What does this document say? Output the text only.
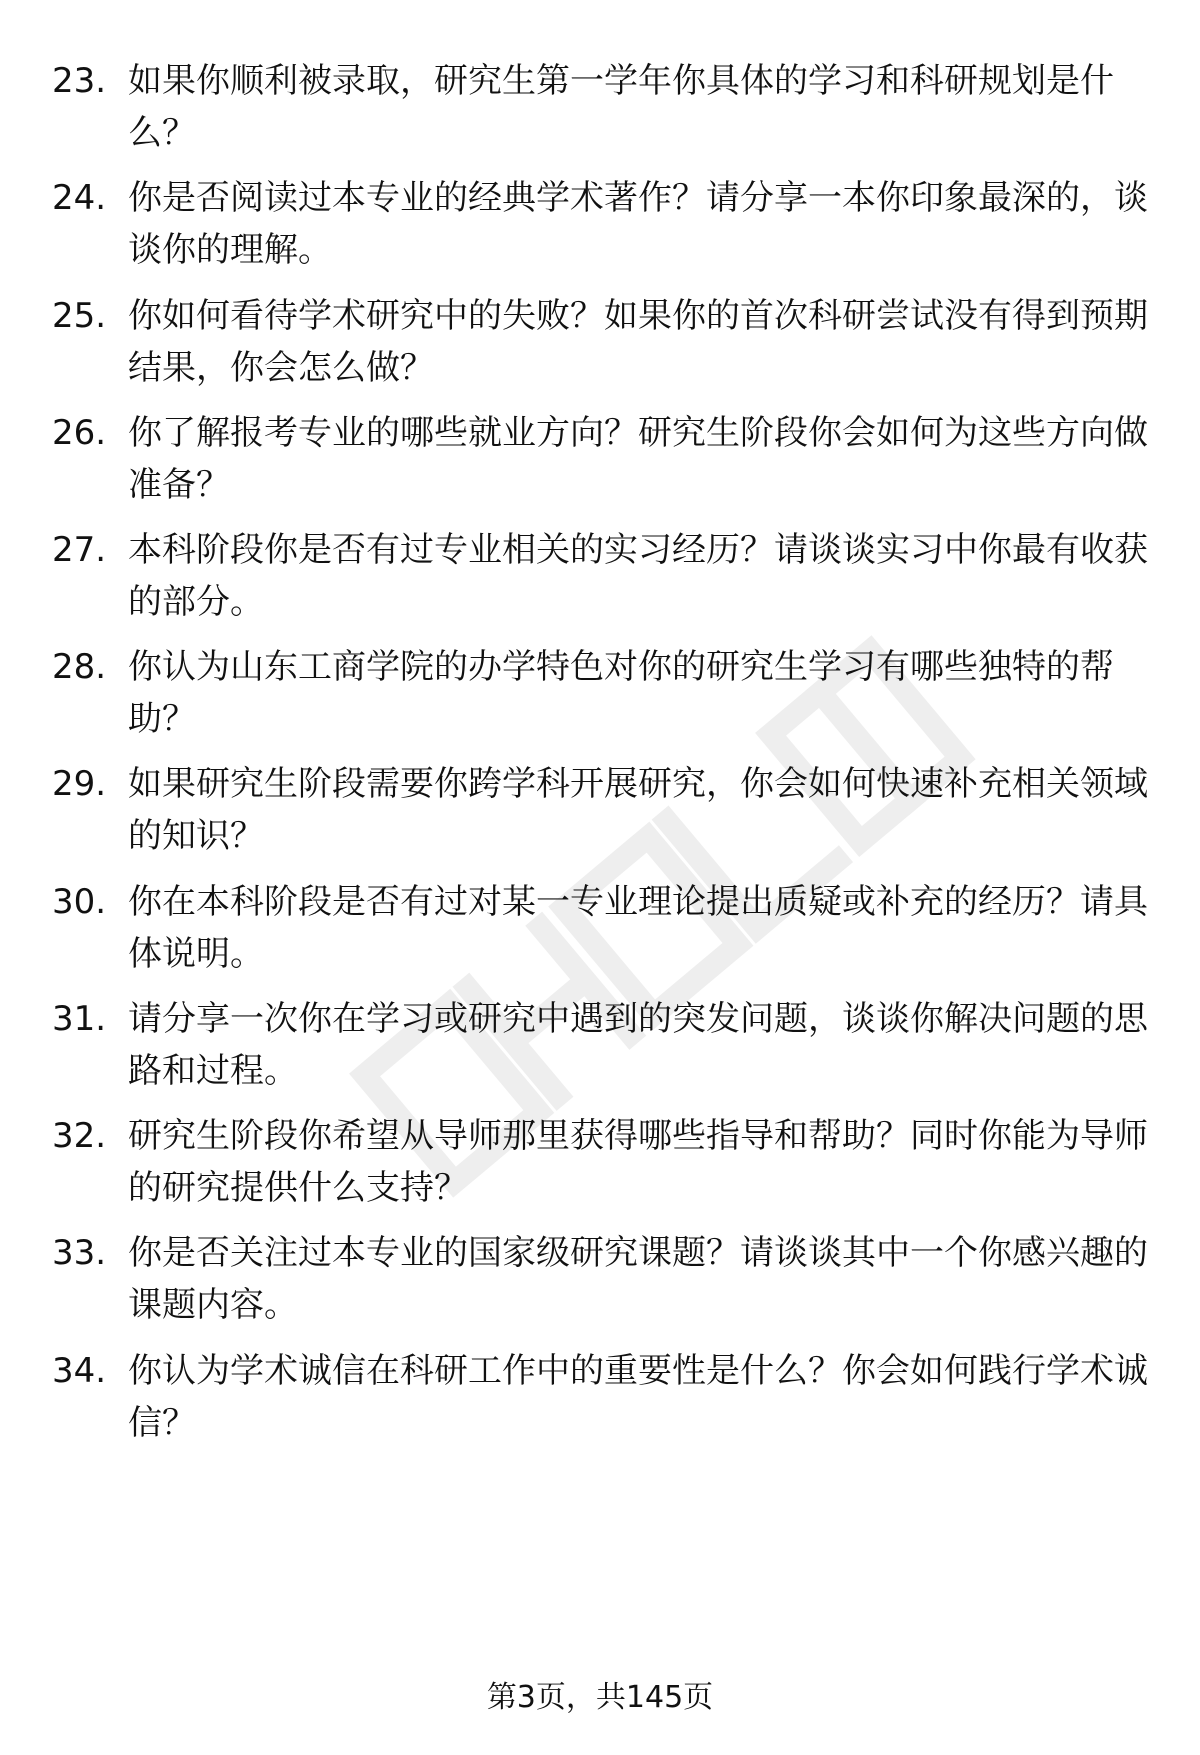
23. 如果你顺利被录取，研究生第一学年你具体的学习和科研规划是什么？
24. 你是否阅读过本专业的经典学术著作？请分享一本你印象最深的，谈谈你的理解。
25. 你如何看待学术研究中的失败？如果你的首次科研尝试没有得到预期结果，你会怎么做？
26. 你了解报考专业的哪些就业方向？研究生阶段你会如何为这些方向做准备？
27. 本科阶段你是否有过专业相关的实习经历？请谈谈实习中你最有收获的部分。
28. 你认为山东工商学院的办学特色对你的研究生学习有哪些独特的帮助？
29. 如果研究生阶段需要你跨学科开展研究，你会如何快速补充相关领域的知识？
30. 你在本科阶段是否有过对某一专业理论提出质疑或补充的经历？请具体说明。
31. 请分享一次你在学习或研究中遇到的突发问题，谈谈你解决问题的思路和过程。
32. 研究生阶段你希望从导师那里获得哪些指导和帮助？同时你能为导师的研究提供什么支持？
33. 你是否关注过本专业的国家级研究课题？请谈谈其中一个你感兴趣的课题内容。
34. 你认为学术诚信在科研工作中的重要性是什么？你会如何践行学术诚信？
第3页，共145页
